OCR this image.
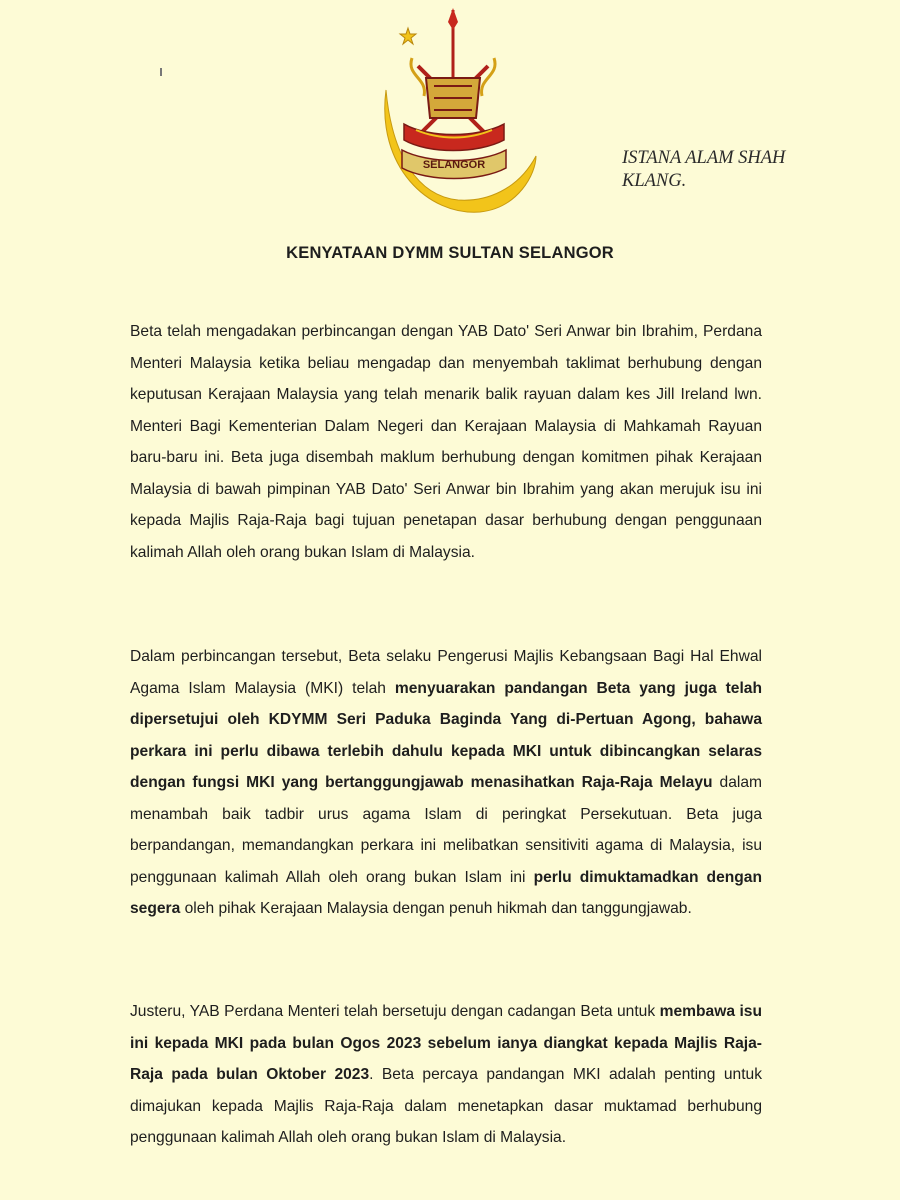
SELANGOR	ISTANA ALAM SHAH
KLANG.
KENYATAAN DYMM SULTAN SELANGOR

Beta telah mengadakan perbincangan dengan YAB Dato' Seri Anwar bin Ibrahim, Perdana Menteri Malaysia ketika beliau mengadap dan menyembah taklimat berhubung dengan keputusan Kerajaan Malaysia yang telah menarik balik rayuan dalam kes Jill Ireland lwn. Menteri Bagi Kementerian Dalam Negeri dan Kerajaan Malaysia di Mahkamah Rayuan baru-baru ini. Beta juga disembah maklum berhubung dengan komitmen pihak Kerajaan Malaysia di bawah pimpinan YAB Dato' Seri Anwar bin Ibrahim yang akan merujuk isu ini kepada Majlis Raja-Raja bagi tujuan penetapan dasar berhubung dengan penggunaan kalimah Allah oleh orang bukan Islam di Malaysia.

Dalam perbincangan tersebut, Beta selaku Pengerusi Majlis Kebangsaan Bagi Hal Ehwal Agama Islam Malaysia (MKI) telah menyuarakan pandangan Beta yang juga telah dipersetujui oleh KDYMM Seri Paduka Baginda Yang di-Pertuan Agong, bahawa perkara ini perlu dibawa terlebih dahulu kepada MKI untuk dibincangkan selaras dengan fungsi MKI yang bertanggungjawab menasihatkan Raja-Raja Melayu dalam menambah baik tadbir urus agama Islam di peringkat Persekutuan. Beta juga berpandangan, memandangkan perkara ini melibatkan sensitiviti agama di Malaysia, isu penggunaan kalimah Allah oleh orang bukan Islam ini perlu dimuktamadkan dengan segera oleh pihak Kerajaan Malaysia dengan penuh hikmah dan tanggungjawab.

Justeru, YAB Perdana Menteri telah bersetuju dengan cadangan Beta untuk membawa isu ini kepada MKI pada bulan Ogos 2023 sebelum ianya diangkat kepada Majlis Raja-Raja pada bulan Oktober 2023. Beta percaya pandangan MKI adalah penting untuk dimajukan kepada Majlis Raja-Raja dalam menetapkan dasar muktamad berhubung penggunaan kalimah Allah oleh orang bukan Islam di Malaysia.
